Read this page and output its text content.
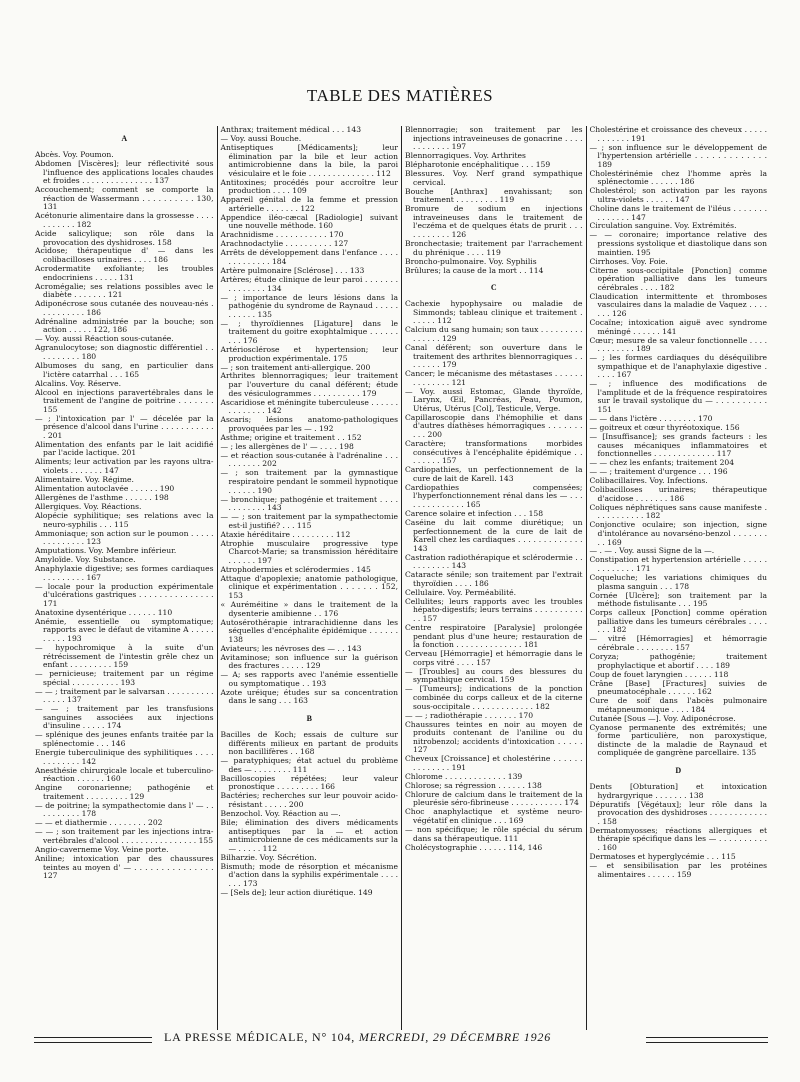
TABLE DES MATIÈRES
A
Abcès. Voy. Poumon.
Abdomen [Viscères]; leur réflectivité sous l'influence des applications locales chaudes et froides . . . . . . . . . . . . . . . 137
Accouchement; comment se comporte la réaction de Wassermann . . . . . . . . . . 130, 131
Acétonurie alimentaire dans la grossesse . . . . . . . . . . . 182
Acide salicylique; son rôle dans la provocation des dyshidroses. 158
Acidose; thérapeutique d' — dans les colibacilloses urinaires . . . . 186
Acrodermatite exfoliante; les troubles endocriniens . . . . . 131
Acromégalie; ses relations possibles avec le diabète . . . . . . . 121
Adiponécrose sous cutanée des nouveau-nés . . . . . . . . . . 186
Adrénaline administrée par la bouche; son action . . . . . 122, 186
— Voy. aussi Réaction sous-cutanée.
Agranulocytose; son diagnostic différentiel . . . . . . . . . . 180
Albumoses du sang, en particulier dans l'ictère catarrhal . . . 165
Alcalins. Voy. Réserve.
Alcool en injections paravertébrales dans le traitement de l'angine de poitrine . . . . . . . 155
— ; l'intoxication par l' — décelée par la présence d'alcool dans l'urine . . . . . . . . . . . . 201
Alimentation des enfants par le lait acidifié par l'acide lactique. 201
Aliments; leur activation par les rayons ultra-violets . . . . . . . 147
Alimentaire. Voy. Régime.
Alimentation autoclavée . . . . . . 190
Allergènes de l'asthme . . . . . . 198
Allergiques. Voy. Réactions.
Alopécie syphilitique; ses relations avec la neuro-syphilis . . . 115
Ammoniaque; son action sur le poumon . . . . . . . . . . . . . . 123
Amputations. Voy. Membre inférieur.
Amyloïde. Voy. Substance.
Anaphylaxie digestive; ses formes cardiaques . . . . . . . . . 167
— locale pour la production expérimentale d'ulcérations gastriques . . . . . . . . . . . . . . . 171
Anatoxine dysentérique . . . . . . 110
Anémie, essentielle ou symptomatique; rapports avec le défaut de vitamine A . . . . . . . . . . 193
— hypochromique à la suite d'un rétrécissement de l'intestin grêle chez un enfant . . . . . . . . . 159
— pernicieuse; traitement par un régime spécial . . . . . . . . . . 193
— — ; traitement par le salvarsan . . . . . . . . . . . . . . . 137
— — ; traitement par les transfusions sanguines associées aux injections d'insuline . . . . . 174
— splénique des jeunes enfants traitée par la splénectomie . . . 146
Energie tuberculinique des syphilitiques . . . . . . . . . . . . 142
Anesthésie chirurgicale locale et tuberculino-réaction . . . . . . 160
Angine coronarienne; pathogénie et traitement . . . . . . . . . 129
— de poitrine; la sympathectomie dans l' — . . . . . . . . . . 178
— — et diathermie . . . . . . . . 202
— — ; son traitement par les injections intra-vertébrales d'alcool . . . . . . . . . . . . . . . . 155
Angio-caverneme Voy. Veine porte.
Aniline; intoxication par des chaussures teintes au moyen d' — . . . . . . . . . . . . . . . 127
Anthrax; traitement médical . . . 143
— Voy. aussi Bouche.
Antiseptiques [Médicaments]; leur élimination par la bile et leur action antimicrobienne dans la bile, la paroi vésiculaire et le foie . . . . . . . . . . . . . . 112
Antitoxines; procédés pour accroître leur production . . . . 109
Appareil génital de la femme et pression artérielle . . . . . . . 122
Appendice iléo-cæcal [Radiologie] suivant une nouvelle méthode. 160
Arachnidisme . . . . . . . . . . . 170
Arachnodactylie . . . . . . . . . . 127
Arrêts de développement dans l'enfance . . . . . . . . . . . . . 184
Artère pulmonaire [Sclérose] . . . 133
Artères; étude clinique de leur paroi . . . . . . . . . . . . . . . 134
— ; importance de leurs lésions dans la pathogénie du syndrome de Raynaud . . . . . . . . . . . 135
— ; thyroïdiennes [Ligature] dans le traitement du goitre exophtalmique . . . . . . . . . 176
Artériosclérose et hypertension; leur production expérimentale. 175
— ; son traitement anti-allergique. 200
Arthrites blennorragiques; leur traitement par l'ouverture du canal déférent; étude des vésiculogrammes . . . . . . . . . . 179
Ascaridiose et méningite tuberculeuse . . . . . . . . . . . . . . 142
Ascaris; lésions anatomo-pathologiques provoquées par les — . 192
Asthme; origine et traitement . . 152
— ; les allergènes de l' — . . . . 198
— et réaction sous-cutanée à l'adrénaline . . . . . . . . . . 202
— ; son traitement par la gymnastique respiratoire pendant le sommeil hypnotique . . . . . . 190
— bronchique; pathogénie et traitement . . . . . . . . . . . . 143
— — ; son traitement par la sympathectomie est-il justifié? . . . 115
Ataxie héréditaire . . . . . . . . . 112
Atrophie musculaire progressive type Charcot-Marie; sa transmission héréditaire . . . . . . 197
Atrophodermies et sclérodermies . 145
Attaque d'apoplexie; anatomie pathologique, clinique et expérimentation . . . . . . . 152, 153
« Auréméitine » dans le traitement de la dysenterie amibienne . . 176
Autosérothérapie intrarachidienne dans les séquelles d'encéphalite épidémique . . . . . . 138
Aviateurs; les névroses des — . . 143
Avitaminose; son influence sur la guérison des fractures . . . . . 129
— A; ses rapports avec l'anémie essentielle ou symptomatique . . 193
Azote uréique; études sur sa concentration dans le sang . . . 163
B
Bacilles de Koch; essais de culture sur différents milieux en partant de produits non bacillifères . . 168
— paratyphiques; état actuel du problème des — . . . . . . . . 111
Bacilloscopies répétées; leur valeur pronostique . . . . . . . . . 166
Bactéries; recherches sur leur pouvoir acido-résistant . . . . . 200
Benzochol. Voy. Réaction au —.
Bile; élimination des divers médicaments antiseptiques par la — et action antimicrobienne de ces médicaments sur la — . . . . . 112
Bilharzie. Voy. Sécrétion.
Bismuth; mode de résorption et mécanisme d'action dans la syphilis expérimentale . . . . . . . 173
— [Sels de]; leur action diurétique. 149
Blennorragie; son traitement par les injections intraveineuses de gonacrine . . . . . . . . . . . . 197
Blennorragiques. Voy. Arthrites
Blépharotonie encéphalitique . . . 159
Blessures. Voy. Nerf grand sympathique cervical.
Bouche [Anthrax] envahissant; son traitement . . . . . . . . . 119
Bromure de sodium en injections intraveineuses dans le traitement de l'eczéma et de quelques états de prurit . . . . . . . . . . . 126
Bronchectasie; traitement par l'arrachement du phrénique . . . . 119
Broncho-pulmonaire. Voy. Syphilis
Brûlures; la cause de la mort . . 114
C
Cachexie hypophysaire ou maladie de Simmonds; tableau clinique et traitement . . . . . . 112
Calcium du sang humain; son taux . . . . . . . . . . . . . . . 129
Canal déférent; son ouverture dans le traitement des arthrites blennorragiques . . . . . . . . 179
Cancer; le mécanisme des métastases . . . . . . . . . . . . . . 121
— Voy. aussi Estomac, Glande thyroïde, Larynx, Œil, Pancréas, Peau, Poumon, Utérus, Utérus [Col], Testicule, Verge.
Capillaroscopie dans l'hémophilie et dans d'autres diathèses hémorragiques . . . . . . . . . . 200
Caractère; transformations morbides consécutives à l'encéphalite épidémique . . . . . . . . 157
Cardiopathies, un perfectionnement de la cure de lait de Karell. 143
Cardiopathies compensées; l'hyperfonctionnement rénal dans les — . . . . . . . . . . . . . . 165
Carence solaire et infection . . . 158
Caséine du lait comme diurétique; un perfectionnement de la cure de lait de Karell chez les cardiaques . . . . . . . . . . . . . 143
Castration radiothérapique et sclérodermie . . . . . . . . . . 143
Cataracte sénile; son traitement par l'extrait thyroïdien . . . . 186
Cellulaire. Voy. Perméabilité.
Cellulites; leurs rapports avec les troubles hépato-digestifs; leurs terrains . . . . . . . . . . . . 157
Centre respiratoire [Paralysie] prolongée pendant plus d'une heure; restauration de la fonction . . . . . . . . . . . . . . 181
Cerveau [Hémorragie] et hémorragie dans le corps vitré . . . . 157
— [Troubles] au cours des blessures du sympathique cervical. 159
— [Tumeurs]; indications de la ponction combinée du corps calleux et de la citerne sous-occipitale . . . . . . . . . . . . . 182
— — ; radiothérapie . . . . . . . 170
Chaussures teintes en noir au moyen de produits contenant de l'aniline ou du nitrobenzol; accidents d'intoxication . . . . . 127
Cheveux [Croissance] et cholestérine . . . . . . . . . . . . . . 191
Chlorome . . . . . . . . . . . . . 139
Chlorose; sa régression . . . . . . 138
Chlorure de calcium dans le traitement de la pleurésie séro-fibrineuse . . . . . . . . . . . 174
Choc anaphylactique et système neuro-végétatif en clinique . . . 169
— non spécifique; le rôle spécial du sérum dans sa thérapeutique. 111
Cholécystographie . . . . . . 114, 146
Cholestérine et croissance des cheveux . . . . . . . . . . . . 191
— ; son influence sur le développement de l'hypertension artérielle . . . . . . . . . . . . . 189
Cholestérinémie chez l'homme après la splénectomie . . . . . . 186
Cholestérol; son activation par les rayons ultra-violets . . . . . . 147
Choline dans le traitement de l'iléus . . . . . . . . . . . . . . 147
Circulation sanguine. Voy. Extrémités.
— — coronaire; importance relative des pressions systolique et diastolique dans son maintien. 195
Cirrhoses. Voy. Foie.
Citerne sous-occipitale [Ponction] comme opération palliative dans les tumeurs cérébrales . . . . 182
Claudication intermittente et thromboses vasculaires dans la maladie de Vaquez . . . . . . . 126
Cocaïne; intoxication aiguë avec syndrome méningé . . . . . . 141
Cœur; mesure de sa valeur fonctionnelle . . . . . . . . . . . . 189
— ; les formes cardiaques du déséquilibre sympathique et de l'anaphylaxie digestive . . . . . 167
— ; influence des modifications de l'amplitude et de la fréquence respiratoires sur le travail systolique du — . . . . . . . . . . 151
— — dans l'ictère . . . . . . . . 170
— goitreux et cœur thyréotoxique. 156
— [Insuffisance]; ses grands facteurs : les causes mécaniques inflammatoires et fonctionnelles . . . . . . . . . . . . . 117
— — chez les enfants; traitement 204
— — ; traitement d'urgence . . . 196
Colibacillaires. Voy. Infections.
Colibacilloses urinaires; thérapeutique d'acidose . . . . . . . 186
Coliques néphrétiques sans cause manifeste . . . . . . . . . . . 182
Conjonctive oculaire; son injection, signe d'intolérance au novarséno-benzol . . . . . . . . . 169
— . — . Voy. aussi Signe de la —.
Constipation et hypertension artérielle . . . . . . . . . . . . . 171
Coqueluche; les variations chimiques du plasma sanguin . . . 178
Cornée [Ulcère]; son traitement par la méthode fistulisante . . . 195
Corps calleux [Ponction] comme opération palliative dans les tumeurs cérébrales . . . . . . . 182
— vitré [Hémorragies] et hémorragie cérébrale . . . . . . . . 157
Coryza; pathogénie; traitement prophylactique et abortif . . . . 189
Coup de fouet laryngien . . . . . . 118
Crâne [Base] [Fractures] suivies de pneumatocéphale . . . . . . 162
Cure de soif dans l'abcès pulmonaire métapneumonique . . . . 184
Cutanée [Sous —]. Voy. Adiponécrose.
Cyanose permanente des extrémités; une forme particulière, non paroxystique, distincte de la maladie de Raynaud et compliquée de gangrène parcellaire. 135
D
Dents [Obturation] et intoxication hydrargyrique . . . . . . . 138
Dépuratifs [Végétaux]; leur rôle dans la provocation des dyshidroses . . . . . . . . . . . . . 158
Dermatomyosses; réactions allergiques et thérapie spécifique dans les — . . . . . . . . . . . 160
Dermatoses et hyperglycémie . . . 115
— et sensibilisation par les protéines alimentaires . . . . . . 159
LA PRESSE MÉDICALE, N° 104, MERCREDI, 29 DÉCEMBRE 1926
